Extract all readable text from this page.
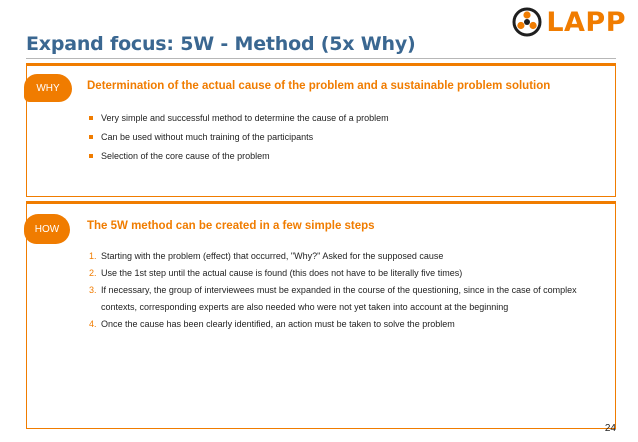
LAPP
Expand focus: 5W - Method (5x Why)
WHY	Determination of the actual cause of the problem and a sustainable problem solution
Very simple and successful method to determine the cause of a problem
Can be used without much training of the participants
Selection of the core cause of the problem
HOW	The 5W method can be created in a few simple steps
1. Starting with the problem (effect) that occurred, "Why?" Asked for the supposed cause
2. Use the 1st step until the actual cause is found (this does not have to be literally five times)
3. If necessary, the group of interviewees must be expanded in the course of the questioning, since in the case of complex contexts, corresponding experts are also needed who were not yet taken into account at the beginning
4. Once the cause has been clearly identified, an action must be taken to solve the problem
24
